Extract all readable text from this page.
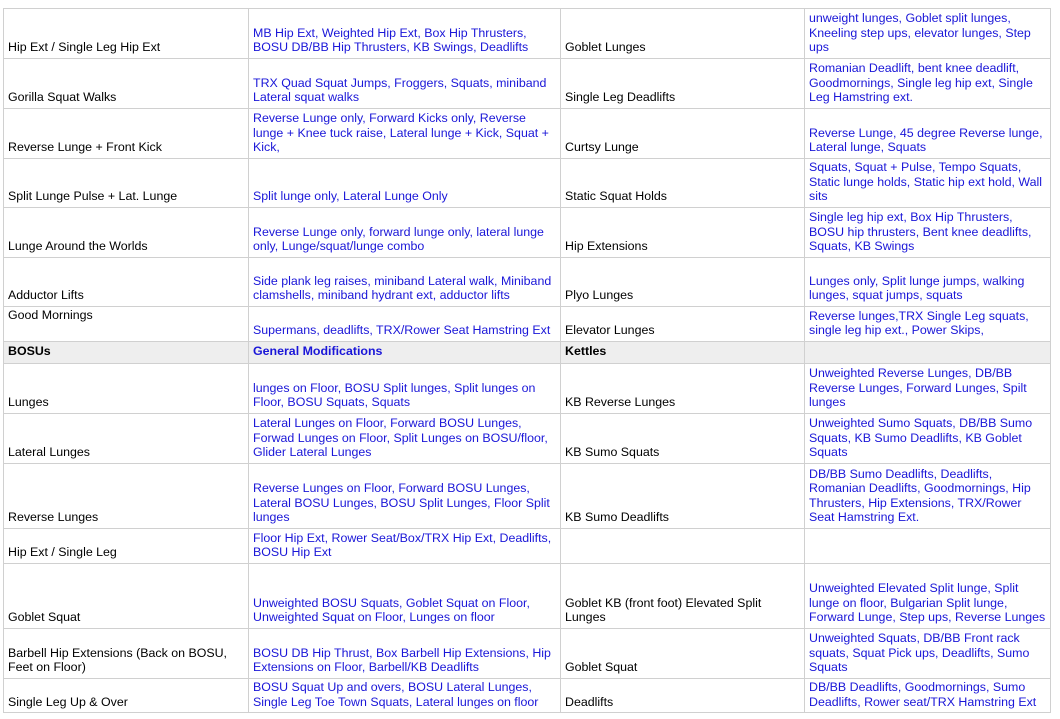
Hip Ext / Single Leg Hip Ext	MB Hip Ext, Weighted Hip Ext, Box Hip Thrusters, BOSU DB/BB Hip Thrusters, KB Swings, Deadlifts	Goblet Lunges	unweight lunges, Goblet split lunges, Kneeling step ups, elevator lunges, Step ups
Gorilla Squat Walks	TRX Quad Squat Jumps, Froggers, Squats, miniband Lateral squat walks	Single Leg Deadlifts	Romanian Deadlift, bent knee deadlift, Goodmornings, Single leg hip ext, Single Leg Hamstring ext.
Reverse Lunge + Front Kick	Reverse Lunge only, Forward Kicks only, Reverse lunge + Knee tuck raise, Lateral lunge + Kick, Squat + Kick,	Curtsy Lunge	Reverse Lunge, 45 degree Reverse lunge, Lateral lunge, Squats
Split Lunge Pulse + Lat. Lunge	Split lunge only, Lateral Lunge Only	Static Squat Holds	Squats, Squat + Pulse, Tempo Squats, Static lunge holds, Static hip ext hold, Wall sits
Lunge Around the Worlds	Reverse Lunge only, forward lunge only, lateral lunge only, Lunge/squat/lunge combo	Hip Extensions	Single leg hip ext, Box Hip Thrusters, BOSU hip thrusters, Bent knee deadlifts, Squats, KB Swings
Adductor Lifts	Side plank leg raises, miniband Lateral walk, Miniband clamshells, miniband hydrant ext, adductor lifts	Plyo Lunges	Lunges only, Split lunge jumps, walking lunges, squat jumps, squats
Good Mornings	Supermans, deadlifts, TRX/Rower Seat Hamstring Ext	Elevator Lunges	Reverse lunges,TRX Single Leg squats, single leg hip ext., Power Skips,
BOSUs	General Modifications	Kettles	
Lunges	lunges on Floor, BOSU Split lunges, Split lunges on Floor, BOSU Squats, Squats	KB Reverse Lunges	Unweighted Reverse Lunges, DB/BB Reverse Lunges, Forward Lunges, Spilt lunges
Lateral Lunges	Lateral Lunges on Floor, Forward BOSU Lunges, Forwad Lunges on Floor, Split Lunges on BOSU/floor, Glider Lateral Lunges	KB Sumo Squats	Unweighted Sumo Squats, DB/BB Sumo Squats, KB Sumo Deadlifts, KB Goblet Squats
Reverse Lunges	Reverse Lunges on Floor, Forward BOSU Lunges, Lateral BOSU Lunges, BOSU Split Lunges, Floor Split lunges	KB Sumo Deadlifts	DB/BB Sumo Deadlifts, Deadlifts, Romanian Deadlifts, Goodmornings, Hip Thrusters, Hip Extensions, TRX/Rower Seat Hamstring Ext.
Hip Ext / Single Leg	Floor Hip Ext, Rower Seat/Box/TRX Hip Ext, Deadlifts, BOSU Hip Ext		
Goblet Squat	Unweighted BOSU Squats, Goblet Squat on Floor, Unweighted Squat on Floor, Lunges on floor	Goblet KB (front foot) Elevated Split Lunges	Unweighted Elevated Split lunge, Split lunge on floor, Bulgarian Split lunge, Forward Lunge, Step ups, Reverse Lunges
Barbell Hip Extensions (Back on BOSU, Feet on Floor)	BOSU DB Hip Thrust, Box Barbell Hip Extensions, Hip Extensions on Floor, Barbell/KB Deadlifts	Goblet Squat	Unweighted Squats, DB/BB Front rack squats, Squat Pick ups, Deadlifts, Sumo Squats
Single Leg Up & Over	BOSU Squat Up and overs, BOSU Lateral Lunges, Single Leg Toe Town Squats, Lateral lunges on floor	Deadlifts	DB/BB Deadlifts, Goodmornings, Sumo Deadlifts, Rower seat/TRX Hamstring Ext
